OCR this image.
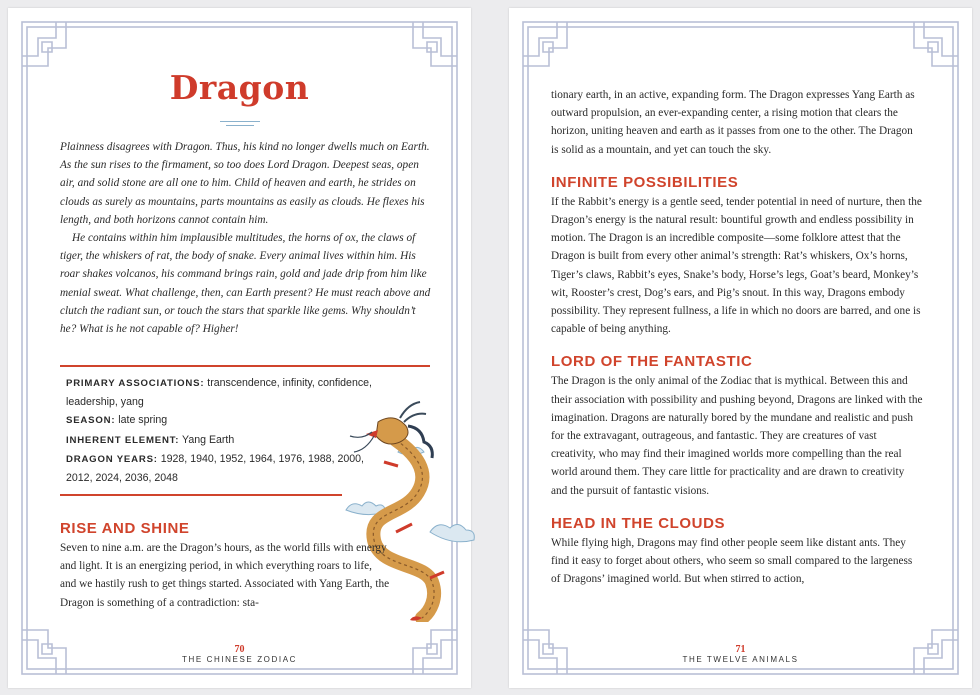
Dragon

Plainness disagrees with Dragon. Thus, his kind no longer dwells much on Earth. As the sun rises to the firmament, so too does Lord Dragon. Deepest seas, open air, and solid stone are all one to him. Child of heaven and earth, he strides on clouds as surely as mountains, parts mountains as easily as clouds. He flexes his length, and both horizons cannot contain him.

He contains within him implausible multitudes, the horns of ox, the claws of tiger, the whiskers of rat, the body of snake. Every animal lives within him. His roar shakes volcanos, his command brings rain, gold and jade drip from him like menial sweat. What challenge, then, can Earth present? He must reach above and clutch the radiant sun, or touch the stars that sparkle like gems. Why shouldn’t he? What is he not capable of? Higher!

PRIMARY ASSOCIATIONS: transcendence, infinity, confidence, leadership, yang
SEASON: late spring
INHERENT ELEMENT: Yang Earth
DRAGON YEARS: 1928, 1940, 1952, 1964, 1976, 1988, 2000, 2012, 2024, 2036, 2048
RISE AND SHINE

Seven to nine a.m. are the Dragon’s hours, as the world fills with energy and light. It is an energizing period, in which everything roars to life, and we hastily rush to get things started. Associated with Yang Earth, the Dragon is something of a contradiction: sta-

70
THE CHINESE ZODIAC

tionary earth, in an active, expanding form. The Dragon expresses Yang Earth as outward propulsion, an ever-expanding center, a rising motion that clears the horizon, uniting heaven and earth as it passes from one to the other. The Dragon is solid as a mountain, and yet can touch the sky.

INFINITE POSSIBILITIES

If the Rabbit’s energy is a gentle seed, tender potential in need of nurture, then the Dragon’s energy is the natural result: bountiful growth and endless possibility in motion. The Dragon is an incredible composite—some folklore attest that the Dragon is built from every other animal’s strength: Rat’s whiskers, Ox’s horns, Tiger’s claws, Rabbit’s eyes, Snake’s body, Horse’s legs, Goat’s beard, Monkey’s wit, Rooster’s crest, Dog’s ears, and Pig’s snout. In this way, Dragons embody possibility. They represent fullness, a life in which no doors are barred, and one is capable of being anything.

LORD OF THE FANTASTIC

The Dragon is the only animal of the Zodiac that is mythical. Between this and their association with possibility and pushing beyond, Dragons are linked with the imagination. Dragons are naturally bored by the mundane and realistic and push for the extravagant, outrageous, and fantastic. They are creatures of vast creativity, who may find their imagined worlds more compelling than the real world around them. They care little for practicality and are drawn to creativity and the pursuit of fantastic visions.

HEAD IN THE CLOUDS

While flying high, Dragons may find other people seem like distant ants. They find it easy to forget about others, who seem so small compared to the largeness of Dragons’ imagined world. But when stirred to action,

71
THE TWELVE ANIMALS
